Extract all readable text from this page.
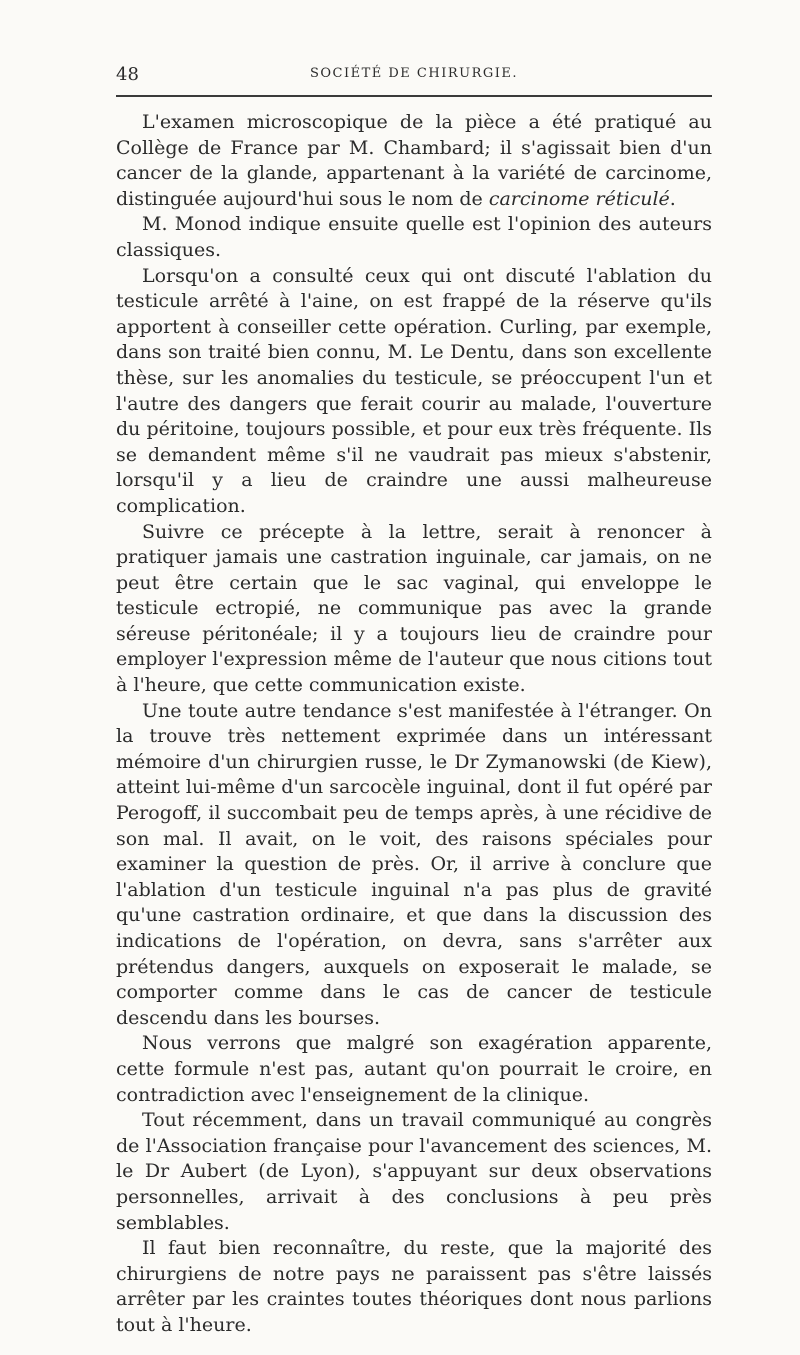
48	SOCIÉTÉ DE CHIRURGIE.

L'examen microscopique de la pièce a été pratiqué au Collège de France par M. Chambard; il s'agissait bien d'un cancer de la glande, appartenant à la variété de carcinome, distinguée aujourd'hui sous le nom de carcinome réticulé.

M. Monod indique ensuite quelle est l'opinion des auteurs classiques.

Lorsqu'on a consulté ceux qui ont discuté l'ablation du testicule arrêté à l'aine, on est frappé de la réserve qu'ils apportent à conseiller cette opération. Curling, par exemple, dans son traité bien connu, M. Le Dentu, dans son excellente thèse, sur les anomalies du testicule, se préoccupent l'un et l'autre des dangers que ferait courir au malade, l'ouverture du péritoine, toujours possible, et pour eux très fréquente. Ils se demandent même s'il ne vaudrait pas mieux s'abstenir, lorsqu'il y a lieu de craindre une aussi malheureuse complication.

Suivre ce précepte à la lettre, serait à renoncer à pratiquer jamais une castration inguinale, car jamais, on ne peut être certain que le sac vaginal, qui enveloppe le testicule ectropié, ne communique pas avec la grande séreuse péritonéale; il y a toujours lieu de craindre pour employer l'expression même de l'auteur que nous citions tout à l'heure, que cette communication existe.

Une toute autre tendance s'est manifestée à l'étranger. On la trouve très nettement exprimée dans un intéressant mémoire d'un chirurgien russe, le Dr Zymanowski (de Kiew), atteint lui-même d'un sarcocèle inguinal, dont il fut opéré par Perogoff, il succombait peu de temps après, à une récidive de son mal. Il avait, on le voit, des raisons spéciales pour examiner la question de près. Or, il arrive à conclure que l'ablation d'un testicule inguinal n'a pas plus de gravité qu'une castration ordinaire, et que dans la discussion des indications de l'opération, on devra, sans s'arrêter aux prétendus dangers, auxquels on exposerait le malade, se comporter comme dans le cas de cancer de testicule descendu dans les bourses.

Nous verrons que malgré son exagération apparente, cette formule n'est pas, autant qu'on pourrait le croire, en contradiction avec l'enseignement de la clinique.

Tout récemment, dans un travail communiqué au congrès de l'Association française pour l'avancement des sciences, M. le Dr Aubert (de Lyon), s'appuyant sur deux observations personnelles, arrivait à des conclusions à peu près semblables.

Il faut bien reconnaître, du reste, que la majorité des chirurgiens de notre pays ne paraissent pas s'être laissés arrêter par les craintes toutes théoriques dont nous parlions tout à l'heure.
